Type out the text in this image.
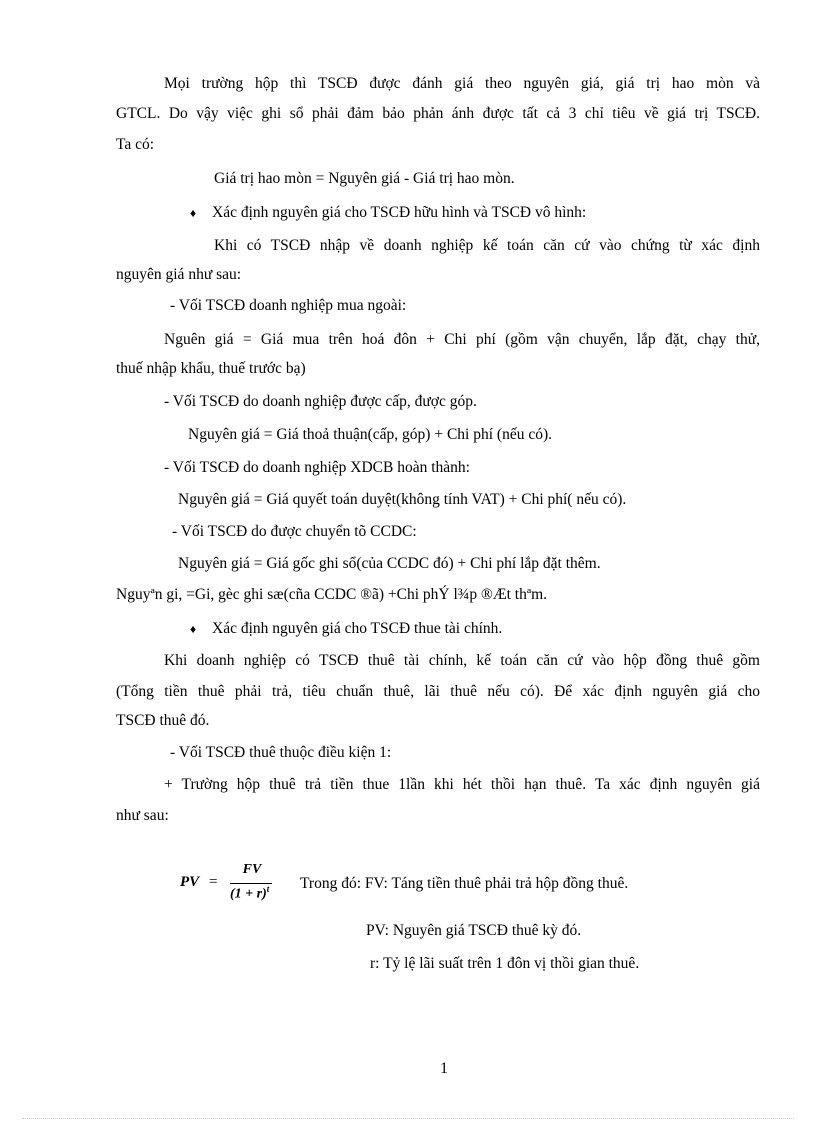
Mọi trường hộp thì TSCĐ được đánh giá theo nguyên giá, giá trị hao mòn và
GTCL. Do vậy việc ghi sổ phải đảm bảo phản ánh được tất cả 3 chỉ tiêu về giá trị TSCĐ.
Ta có:
Giá trị hao mòn = Nguyên giá - Giá trị hao mòn.
♦ Xác định nguyên giá cho TSCĐ hữu hình và TSCĐ vô hình:
Khi có TSCĐ nhập về doanh nghiệp kế toán căn cứ vào chứng từ xác định
nguyên giá như sau:
- Vối TSCĐ doanh nghiệp mua ngoài:
Nguên giá = Giá mua trên hoá đôn + Chi phí (gồm vận chuyển, lắp đặt, chạy thử,
thuế nhập khẩu, thuế trước bạ)
- Vối TSCĐ do doanh nghiệp được cấp, được góp.
Nguyên giá = Giá thoả thuận(cấp, góp) + Chi phí (nếu có).
- Vối TSCĐ do doanh nghiệp XDCB hoàn thành:
Nguyên giá = Giá quyết toán duyệt(không tính VAT) + Chi phí( nếu có).
- Vối TSCĐ do được chuyển tõ CCDC:
Nguyên giá = Giá gốc ghi sổ(của CCDC đó) + Chi phí lắp đặt thêm.
Nguyªn gi, =Gi, gèc ghi sæ(cña CCDC ®ã) +Chi phÝ l¾p ®Æt thªm.
♦ Xác định nguyên giá cho TSCĐ thue tài chính.
Khi doanh nghiệp có TSCĐ thuê tài chính, kế toán căn cứ vào hộp đồng thuê gồm
(Tổng tiền thuê phải trả, tiêu chuẩn thuê, lãi thuê nếu có). Để xác định nguyên giá cho
TSCĐ thuê đó.
- Vối TSCĐ thuê thuộc điều kiện 1:
+ Trường hộp thuê trả tiền thue 1lần khi hét thồi hạn thuê. Ta xác định nguyên giá
như sau:
PV =
FV
$(1 + r)^t$	Trong đó: FV: Táng tiền thuê phải trả hộp đồng thuê.
PV: Nguyên giá TSCĐ thuê kỳ đó.
r: Tỷ lệ lãi suất trên 1 đôn vị thồi gian thuê.
1
